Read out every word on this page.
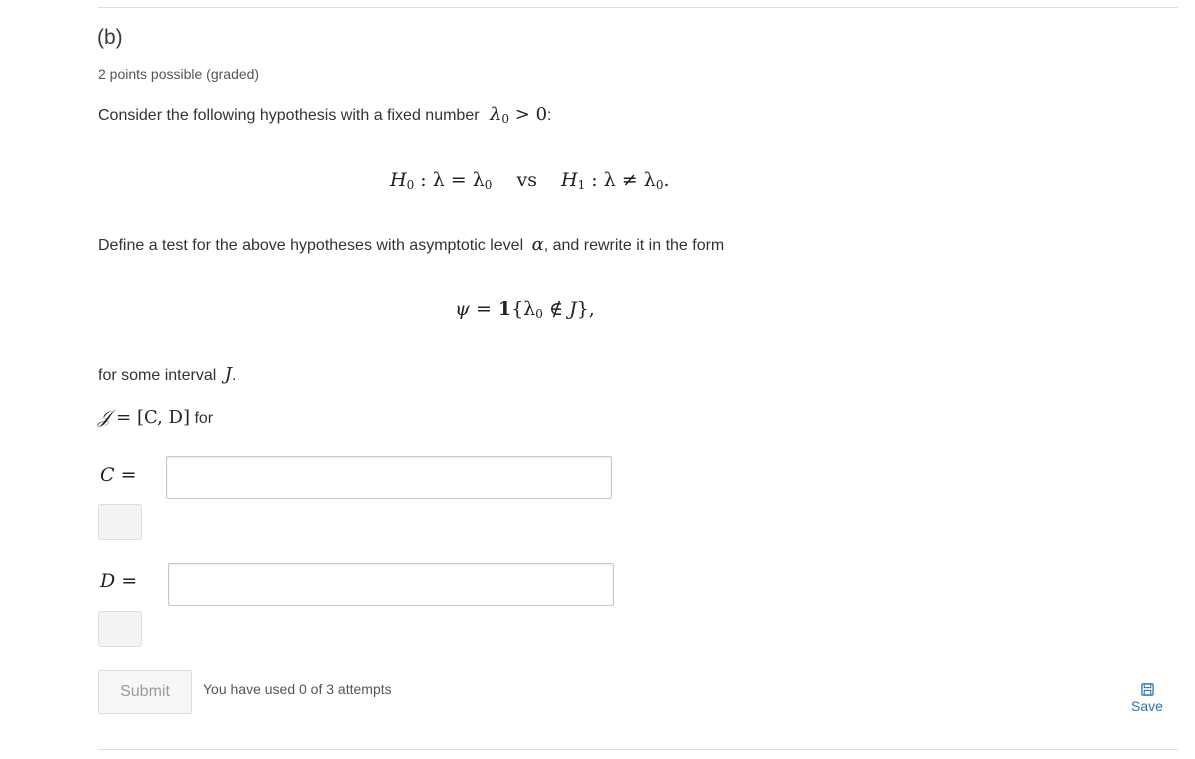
(b)
2 points possible (graded)
Consider the following hypothesis with a fixed number $\lambda_0 > 0$:
$H_0$ : $\lambda = \lambda_0$ vs $H_1$ : $\lambda \ne \lambda_0$.
Define a test for the above hypotheses with asymptotic level α, and rewrite it in the form
$\psi = 1\{\lambda_0$ ∉ J},
for some interval J.
𝒥 = [C, D] for
C =
D =
Submit	You have used 0 of 3 attempts
Save
